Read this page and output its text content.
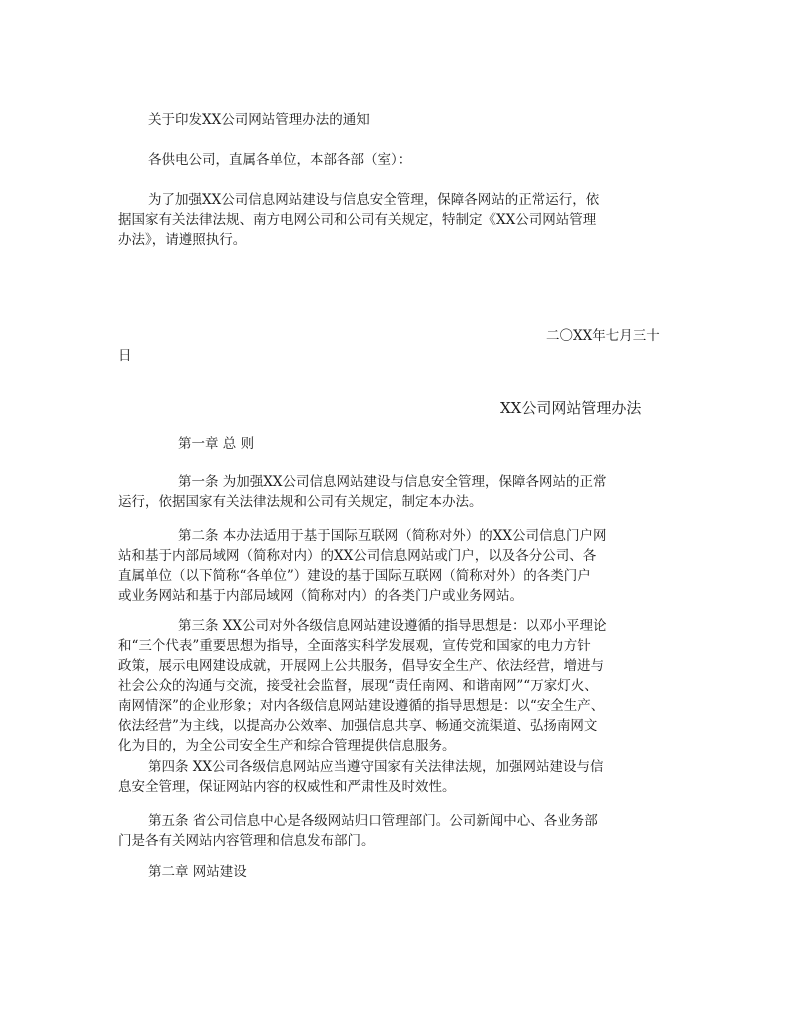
关于印发XX公司网站管理办法的通知
各供电公司，直属各单位，本部各部（室）：
为了加强XX公司信息网站建设与信息安全管理，保障各网站的正常运行，依
据国家有关法律法规、南方电网公司和公司有关规定，特制定《XX公司网站管理
办法》，请遵照执行。
二〇XX年七月三十
日
XX公司网站管理办法
第一章 总 则
第一条 为加强XX公司信息网站建设与信息安全管理，保障各网站的正常
运行，依据国家有关法律法规和公司有关规定，制定本办法。
第二条 本办法适用于基于国际互联网（简称对外）的XX公司信息门户网
站和基于内部局域网（简称对内）的XX公司信息网站或门户，以及各分公司、各
直属单位（以下简称“各单位”）建设的基于国际互联网（简称对外）的各类门户
或业务网站和基于内部局域网（简称对内）的各类门户或业务网站。
第三条 XX公司对外各级信息网站建设遵循的指导思想是：以邓小平理论
和“三个代表”重要思想为指导，全面落实科学发展观，宣传党和国家的电力方针
政策，展示电网建设成就，开展网上公共服务，倡导安全生产、依法经营，增进与
社会公众的沟通与交流，接受社会监督，展现“责任南网、和谐南网”“万家灯火、
南网情深”的企业形象；对内各级信息网站建设遵循的指导思想是：以“安全生产、
依法经营”为主线，以提高办公效率、加强信息共享、畅通交流渠道、弘扬南网文
化为目的，为全公司安全生产和综合管理提供信息服务。
第四条 XX公司各级信息网站应当遵守国家有关法律法规，加强网站建设与信
息安全管理，保证网站内容的权威性和严肃性及时效性。
第五条 省公司信息中心是各级网站归口管理部门。公司新闻中心、各业务部
门是各有关网站内容管理和信息发布部门。
第二章 网站建设
